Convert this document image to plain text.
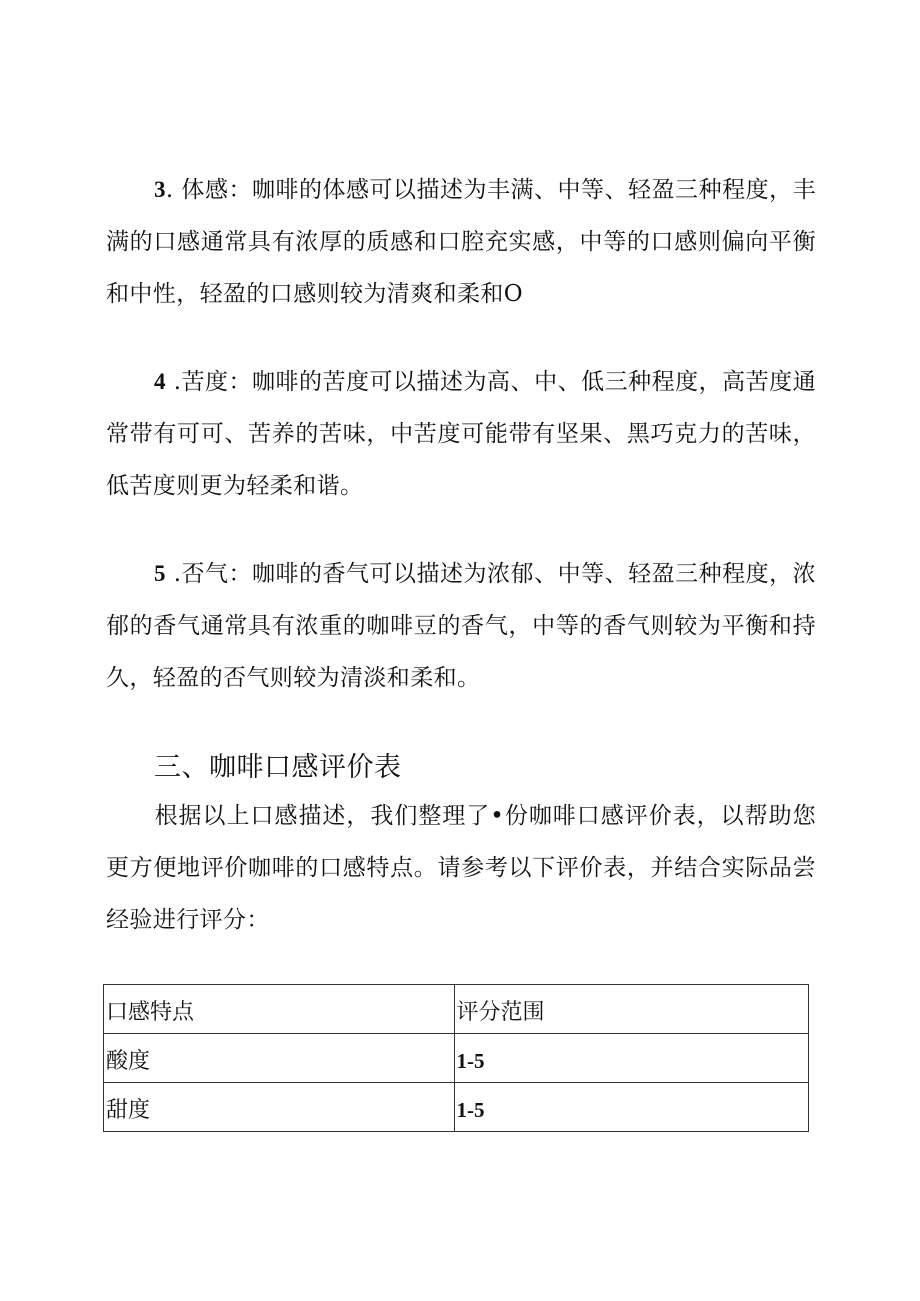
3. 体感：咖啡的体感可以描述为丰满、中等、轻盈三种程度，丰满的口感通常具有浓厚的质感和口腔充实感，中等的口感则偏向平衡和中性，轻盈的口感则较为清爽和柔和O

4 .苦度：咖啡的苦度可以描述为高、中、低三种程度，高苦度通常带有可可、苦养的苦味，中苦度可能带有坚果、黑巧克力的苦味，低苦度则更为轻柔和谐。

5 .否气：咖啡的香气可以描述为浓郁、中等、轻盈三种程度，浓郁的香气通常具有浓重的咖啡豆的香气，中等的香气则较为平衡和持久，轻盈的否气则较为清淡和柔和。

三、咖啡口感评价表

根据以上口感描述，我们整理了•份咖啡口感评价表，以帮助您更方便地评价咖啡的口感特点。请参考以下评价表，并结合实际品尝经验进行评分：

口感特点	评分范围
酸度	1-5
甜度	1-5
